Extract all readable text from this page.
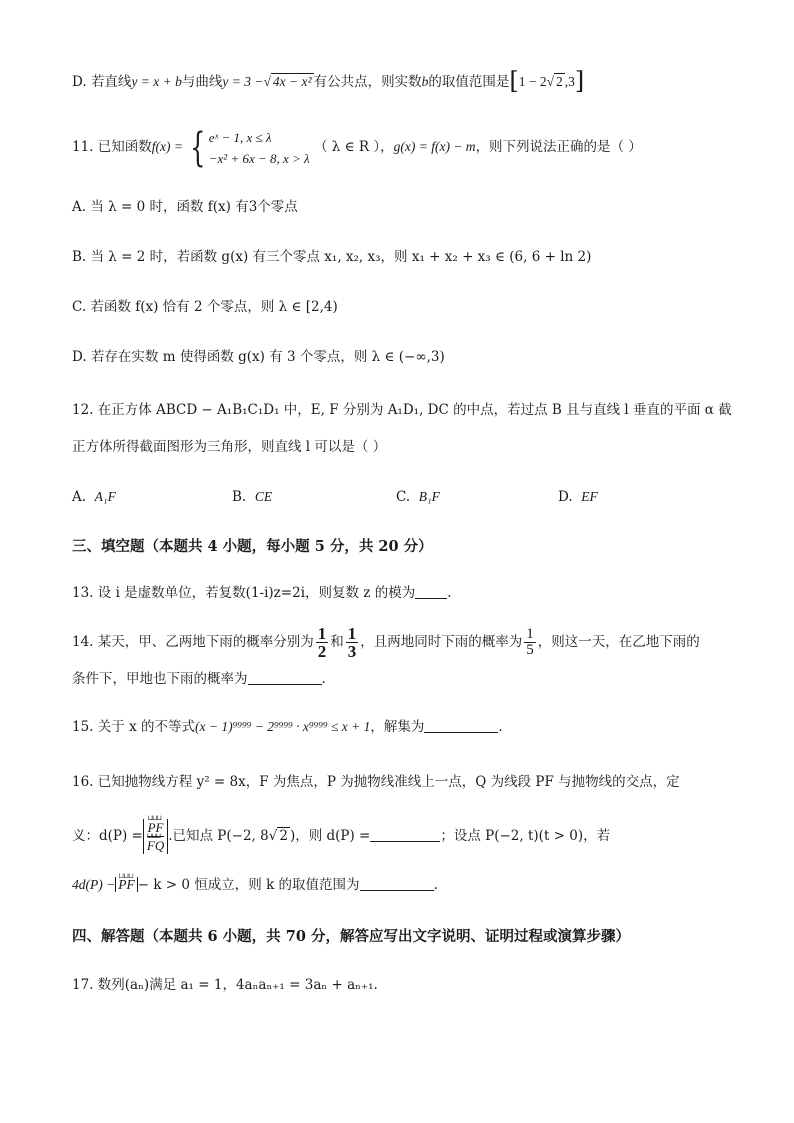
D. 若直线y = x + b与曲线y = 3 −√ 4x − x² 有公共点，则实数b的取值范围是[1 − 2√ 2 ,3]
11. 已知函数f(x) = { eˣ − 1, x ≤ λ
−x² + 6x − 8, x > λ
（ λ ∈ R ），g(x) = f(x) − m，则下列说法正确的是（ ）
A. 当 λ = 0 时，函数 f(x) 有3个零点
B. 当 λ = 2 时，若函数 g(x) 有三个零点 x₁, x₂, x₃，则 x₁ + x₂ + x₃ ∈ (6, 6 + ln 2)
C. 若函数 f(x) 恰有 2 个零点，则 λ ∈ [2,4)
D. 若存在实数 m 使得函数 g(x) 有 3 个零点，则 λ ∈ (−∞,3)
12. 在正方体 ABCD − A₁B₁C₁D₁ 中，E, F 分别为 A₁D₁, DC 的中点，若过点 B 且与直线 l 垂直的平面 α 截
正方体所得截面图形为三角形，则直线 l 可以是（ ）
A. A₁F	B. CE	C. B₁F	D. EF
三、填空题（本题共 4 小题，每小题 5 分，共 20 分）
13. 设 i 是虚数单位，若复数(1-i)z=2i，则复数 z 的模为 .
14. 某天，甲、乙两地下雨的概率分别为 $\frac{1}{2}$ 和 $\frac{1}{3}$ ，且两地同时下雨的概率为 $\frac{1}{5}$ ，则这一天，在乙地下雨的
条件下，甲地也下雨的概率为	.
15. 关于 x 的不等式(x − 1)⁹⁹⁹⁹ − 2⁹⁹⁹⁹ · x⁹⁹⁹⁹ ≤ x + 1，解集为	.
16. 已知抛物线方程 y² = 8x，F 为焦点，P 为抛物线准线上一点，Q 为线段 PF 与抛物线的交点，定
义：d(P) = ⊔⊔⊔ PF
⊔⊔⊔ FQ .已知点 P(−2, 8√ 2 )，则 d(P) =	；设点 P(−2, t)(t > 0)，若
4d(P) − ⊔⊔⊔ PF − k > 0 恒成立，则 k 的取值范围为	.
四、解答题（本题共 6 小题，共 70 分，解答应写出文字说明、证明过程或演算步骤）
17. 数列(aₙ)满足 a₁ = 1，4aₙaₙ₊₁ = 3aₙ + aₙ₊₁.
